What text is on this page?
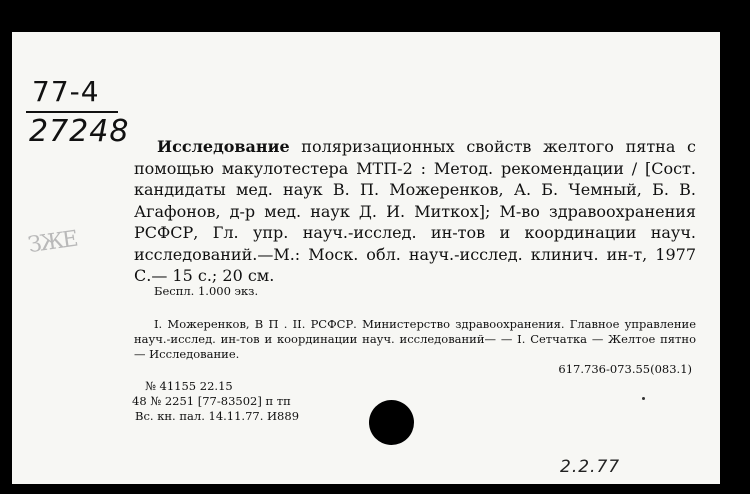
77-4
27248
ЗЖЕ
Исследование поляризационных свойств желтого пятна с помощью макулотестера МТП-2 : Метод. рекомендации / [Сост. кандидаты мед. наук В. П. Можеренков, А. Б. Чемный, Б. В. Агафонов, д-р мед. наук Д. И. Миткох]; М-во здравоохранения РСФСР, Гл. упр. науч.-исслед. ин-тов и координации науч. исследований.—М.: Моск. обл. науч.-исслед. клинич. ин-т, 1977 С.— 15 с.; 20 см.
Беспл. 1.000 экз.
I. Можеренков, В П . II. РСФСР. Министерство здравоохранения. Главное управление науч.-исслед. ин-тов и координации науч. исследований— — I. Сетчатка — Желтое пятно — Исследование.
617.736-073.55(083.1)
№ 41155 22.15
48 № 2251 [77-83502] п тп
Вс. кн. пал. 14.11.77. И889
2.2.77
